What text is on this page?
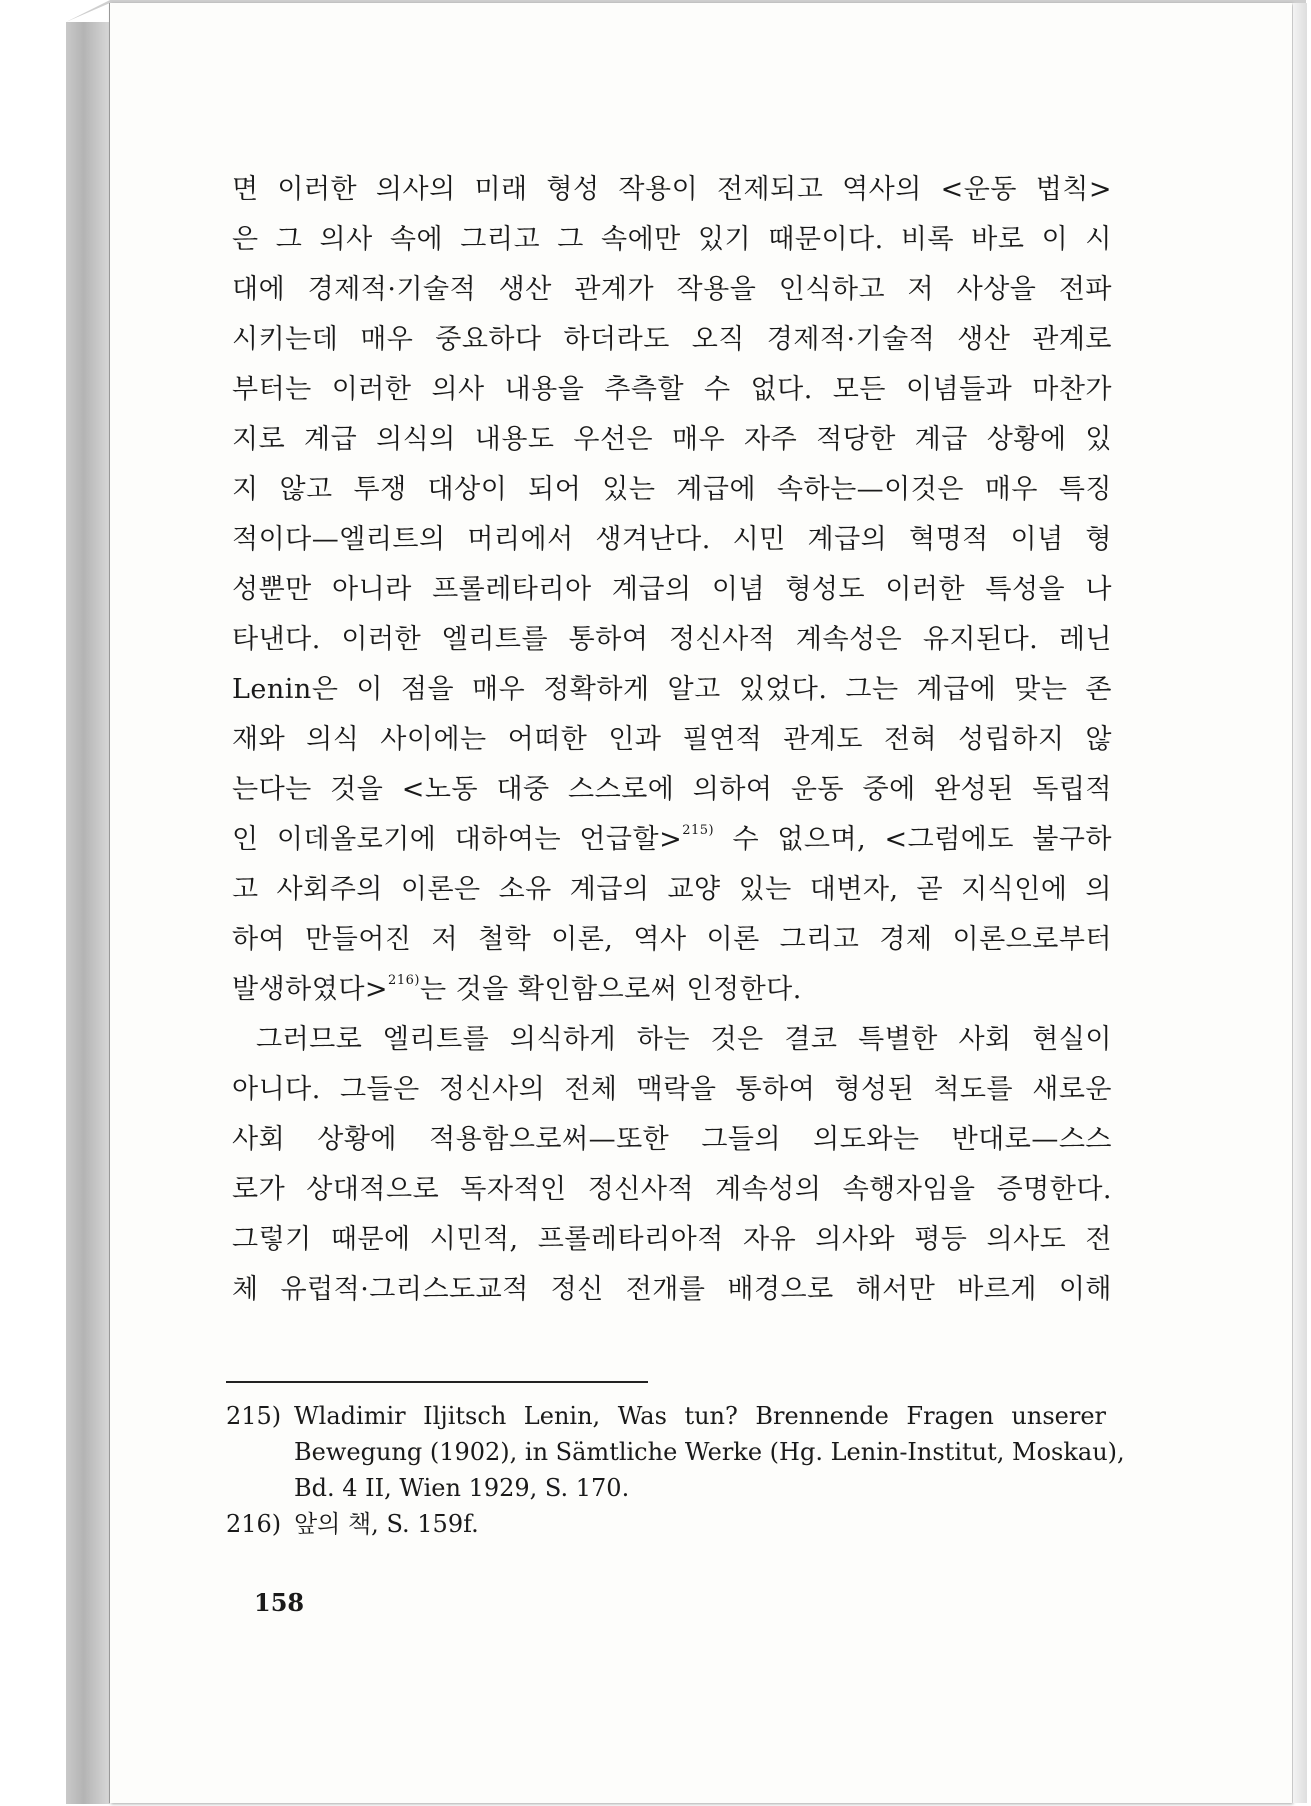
면 이러한 의사의 미래 형성 작용이 전제되고 역사의 <운동 법칙>
은 그 의사 속에 그리고 그 속에만 있기 때문이다. 비록 바로 이 시
대에 경제적·기술적 생산 관계가 작용을 인식하고 저 사상을 전파
시키는데 매우 중요하다 하더라도 오직 경제적·기술적 생산 관계로
부터는 이러한 의사 내용을 추측할 수 없다. 모든 이념들과 마찬가
지로 계급 의식의 내용도 우선은 매우 자주 적당한 계급 상황에 있
지 않고 투쟁 대상이 되어 있는 계급에 속하는—이것은 매우 특징
적이다—엘리트의 머리에서 생겨난다. 시민 계급의 혁명적 이념 형
성뿐만 아니라 프롤레타리아 계급의 이념 형성도 이러한 특성을 나
타낸다. 이러한 엘리트를 통하여 정신사적 계속성은 유지된다. 레닌
Lenin은 이 점을 매우 정확하게 알고 있었다. 그는 계급에 맞는 존
재와 의식 사이에는 어떠한 인과 필연적 관계도 전혀 성립하지 않
는다는 것을 <노동 대중 스스로에 의하여 운동 중에 완성된 독립적
인 이데올로기에 대하여는 언급할>$^{215)}$ 수 없으며, <그럼에도 불구하
고 사회주의 이론은 소유 계급의 교양 있는 대변자, 곧 지식인에 의
하여 만들어진 저 철학 이론, 역사 이론 그리고 경제 이론으로부터
발생하였다>$^{216)}$는 것을 확인함으로써 인정한다.
그러므로 엘리트를 의식하게 하는 것은 결코 특별한 사회 현실이
아니다. 그들은 정신사의 전체 맥락을 통하여 형성된 척도를 새로운
사회 상황에 적용함으로써—또한 그들의 의도와는 반대로—스스
로가 상대적으로 독자적인 정신사적 계속성의 속행자임을 증명한다.
그렇기 때문에 시민적, 프롤레타리아적 자유 의사와 평등 의사도 전
체 유럽적·그리스도교적 정신 전개를 배경으로 해서만 바르게 이해
215) Wladimir Iljitsch Lenin, Was tun? Brennende Fragen unserer
Bewegung (1902), in Sämtliche Werke (Hg. Lenin-Institut, Moskau),
Bd. 4 II, Wien 1929, S. 170.
216) 앞의 책, S. 159f.
158
